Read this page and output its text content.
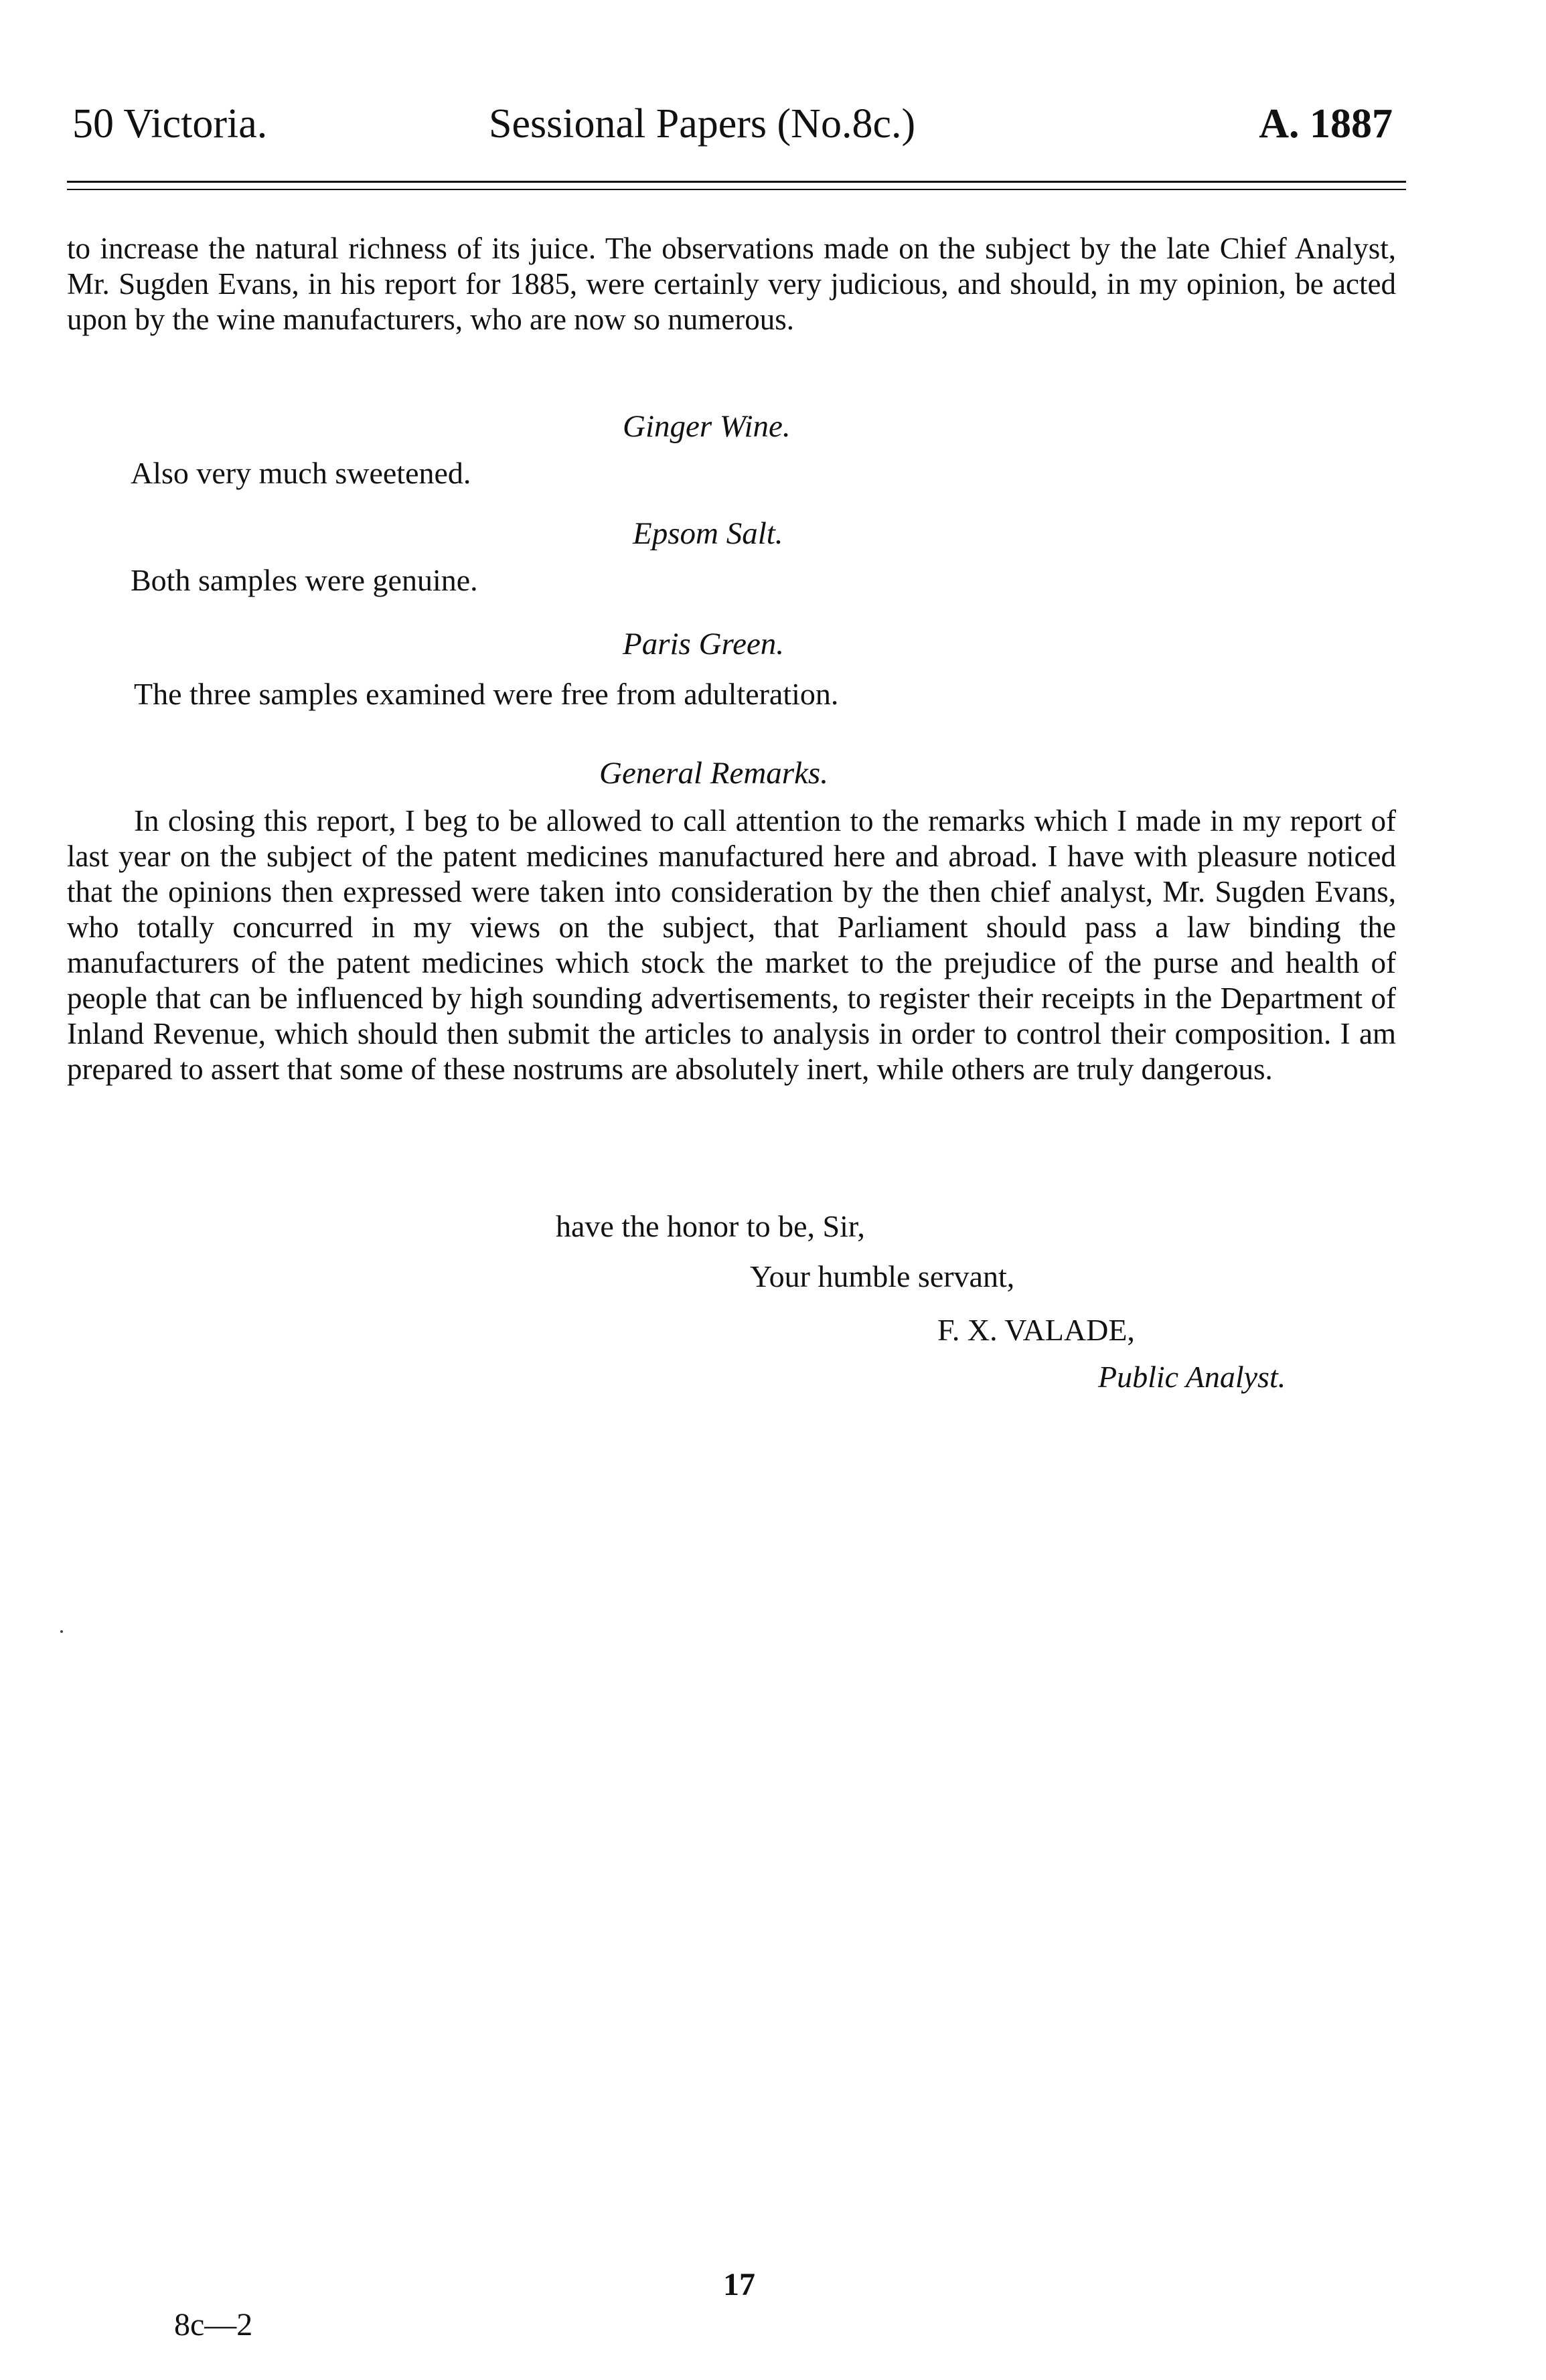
50 Victoria.	Sessional Papers (No.8c.)	A. 1887
to increase the natural richness of its juice. The observations made on the subject by the late Chief Analyst, Mr. Sugden Evans, in his report for 1885, were certainly very judicious, and should, in my opinion, be acted upon by the wine manufacturers, who are now so numerous.
Ginger Wine.
Also very much sweetened.
Epsom Salt.
Both samples were genuine.
Paris Green.
The three samples examined were free from adulteration.
General Remarks.
In closing this report, I beg to be allowed to call attention to the remarks which I made in my report of last year on the subject of the patent medicines manufactured here and abroad. I have with pleasure noticed that the opinions then expressed were taken into consideration by the then chief analyst, Mr. Sugden Evans, who totally concurred in my views on the subject, that Parliament should pass a law binding the manufacturers of the patent medicines which stock the market to the prejudice of the purse and health of people that can be influenced by high sounding advertisements, to register their receipts in the Department of Inland Revenue, which should then submit the articles to analysis in order to control their composition. I am prepared to assert that some of these nostrums are absolutely inert, while others are truly dangerous.
have the honor to be, Sir,
Your humble servant,
F. X. VALADE,
Public Analyst.
17
8c—2
